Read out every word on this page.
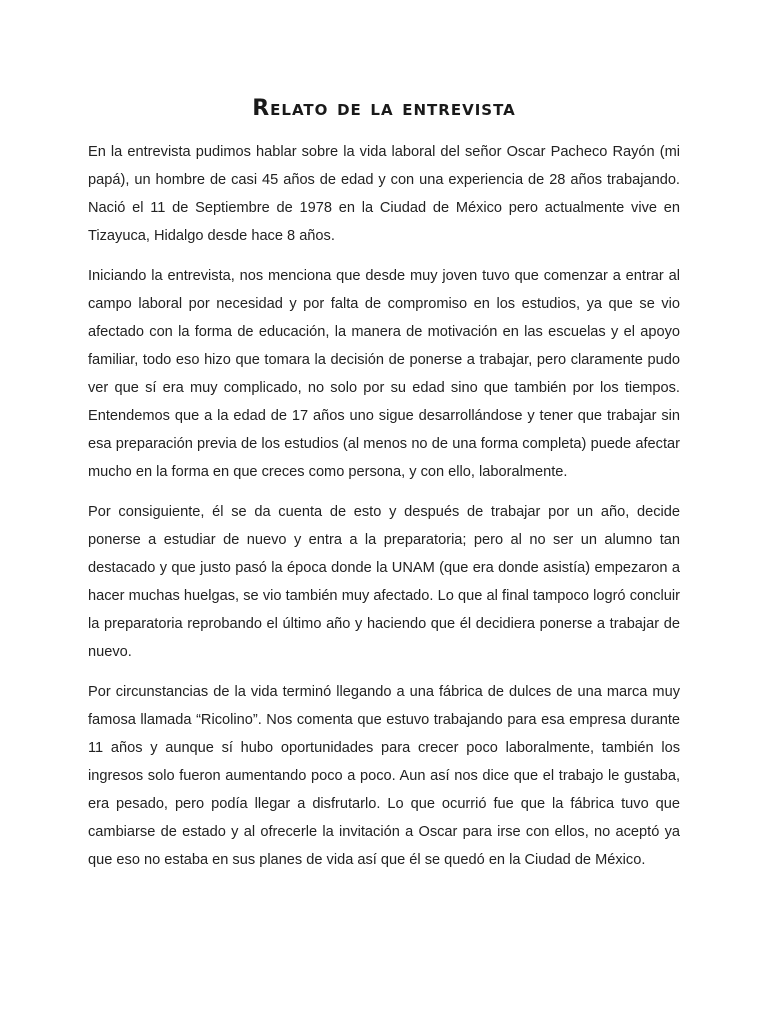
Relato de la entrevista

En la entrevista pudimos hablar sobre la vida laboral del señor Oscar Pacheco Rayón (mi papá), un hombre de casi 45 años de edad y con una experiencia de 28 años trabajando. Nació el 11 de Septiembre de 1978 en la Ciudad de México pero actualmente vive en Tizayuca, Hidalgo desde hace 8 años.

Iniciando la entrevista, nos menciona que desde muy joven tuvo que comenzar a entrar al campo laboral por necesidad y por falta de compromiso en los estudios, ya que se vio afectado con la forma de educación, la manera de motivación en las escuelas y el apoyo familiar, todo eso hizo que tomara la decisión de ponerse a trabajar, pero claramente pudo ver que sí era muy complicado, no solo por su edad sino que también por los tiempos. Entendemos que a la edad de 17 años uno sigue desarrollándose y tener que trabajar sin esa preparación previa de los estudios (al menos no de una forma completa) puede afectar mucho en la forma en que creces como persona, y con ello, laboralmente.

Por consiguiente, él se da cuenta de esto y después de trabajar por un año, decide ponerse a estudiar de nuevo y entra a la preparatoria; pero al no ser un alumno tan destacado y que justo pasó la época donde la UNAM (que era donde asistía) empezaron a hacer muchas huelgas, se vio también muy afectado. Lo que al final tampoco logró concluir la preparatoria reprobando el último año y haciendo que él decidiera ponerse a trabajar de nuevo.

Por circunstancias de la vida terminó llegando a una fábrica de dulces de una marca muy famosa llamada “Ricolino”. Nos comenta que estuvo trabajando para esa empresa durante 11 años y aunque sí hubo oportunidades para crecer poco laboralmente, también los ingresos solo fueron aumentando poco a poco. Aun así nos dice que el trabajo le gustaba, era pesado, pero podía llegar a disfrutarlo. Lo que ocurrió fue que la fábrica tuvo que cambiarse de estado y al ofrecerle la invitación a Oscar para irse con ellos, no aceptó ya que eso no estaba en sus planes de vida así que él se quedó en la Ciudad de México.
